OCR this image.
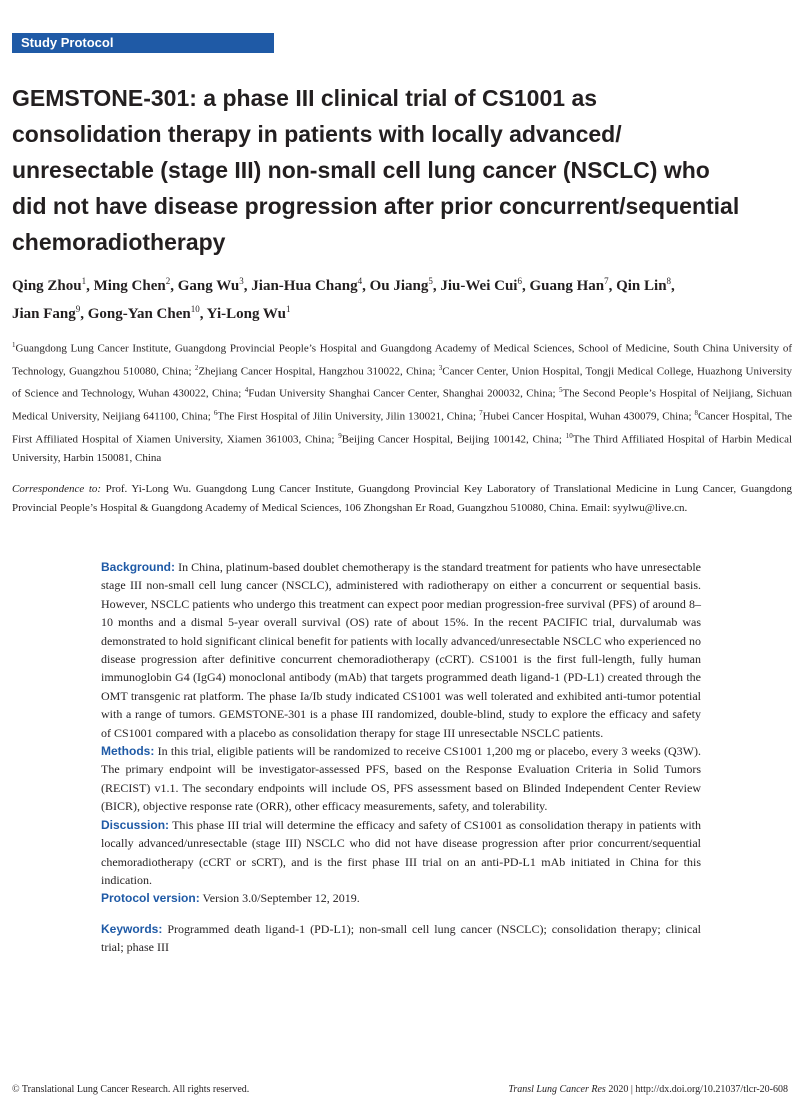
Study Protocol
GEMSTONE-301: a phase III clinical trial of CS1001 as
consolidation therapy in patients with locally advanced/
unresectable (stage III) non-small cell lung cancer (NSCLC) who
did not have disease progression after prior concurrent/sequential
chemoradiotherapy

Qing Zhou$^1$, Ming Chen$^2$, Gang Wu$^3$, Jian-Hua Chang$^4$, Ou Jiang$^5$, Jiu-Wei Cui$^6$, Guang Han$^7$, Qin Lin$^8$,
Jian Fang$^9$, Gong-Yan Chen$^{10}$, Yi-Long Wu$^1$

$^1$Guangdong Lung Cancer Institute, Guangdong Provincial People’s Hospital and Guangdong Academy of Medical Sciences, School of Medicine, South China University of Technology, Guangzhou 510080, China; $^2$Zhejiang Cancer Hospital, Hangzhou 310022, China; $^3$Cancer Center, Union Hospital, Tongji Medical College, Huazhong University of Science and Technology, Wuhan 430022, China; $^4$Fudan University Shanghai Cancer Center, Shanghai 200032, China; $^5$The Second People’s Hospital of Neijiang, Sichuan Medical University, Neijiang 641100, China; $^6$The First Hospital of Jilin University, Jilin 130021, China; $^7$Hubei Cancer Hospital, Wuhan 430079, China; $^8$Cancer Hospital, The First Affiliated Hospital of Xiamen University, Xiamen 361003, China; $^9$Beijing Cancer Hospital, Beijing 100142, China; $^{10}$The Third Affiliated Hospital of Harbin Medical University, Harbin 150081, China

Correspondence to: Prof. Yi-Long Wu. Guangdong Lung Cancer Institute, Guangdong Provincial Key Laboratory of Translational Medicine in Lung Cancer, Guangdong Provincial People’s Hospital & Guangdong Academy of Medical Sciences, 106 Zhongshan Er Road, Guangzhou 510080, China. Email: syylwu@live.cn.

Background: In China, platinum-based doublet chemotherapy is the standard treatment for patients who have unresectable stage III non-small cell lung cancer (NSCLC), administered with radiotherapy on either a concurrent or sequential basis. However, NSCLC patients who undergo this treatment can expect poor median progression-free survival (PFS) of around 8–10 months and a dismal 5-year overall survival (OS) rate of about 15%. In the recent PACIFIC trial, durvalumab was demonstrated to hold significant clinical benefit for patients with locally advanced/unresectable NSCLC who experienced no disease progression after definitive concurrent chemoradiotherapy (cCRT). CS1001 is the first full-length, fully human immunoglobin G4 (IgG4) monoclonal antibody (mAb) that targets programmed death ligand-1 (PD-L1) created through the OMT transgenic rat platform. The phase Ia/Ib study indicated CS1001 was well tolerated and exhibited anti-tumor potential with a range of tumors. GEMSTONE-301 is a phase III randomized, double-blind, study to explore the efficacy and safety of CS1001 compared with a placebo as consolidation therapy for stage III unresectable NSCLC patients.

Methods: In this trial, eligible patients will be randomized to receive CS1001 1,200 mg or placebo, every 3 weeks (Q3W). The primary endpoint will be investigator-assessed PFS, based on the Response Evaluation Criteria in Solid Tumors (RECIST) v1.1. The secondary endpoints will include OS, PFS assessment based on Blinded Independent Center Review (BICR), objective response rate (ORR), other efficacy measurements, safety, and tolerability.

Discussion: This phase III trial will determine the efficacy and safety of CS1001 as consolidation therapy in patients with locally advanced/unresectable (stage III) NSCLC who did not have disease progression after prior concurrent/sequential chemoradiotherapy (cCRT or sCRT), and is the first phase III trial on an anti-PD-L1 mAb initiated in China for this indication.

Protocol version: Version 3.0/September 12, 2019.

Keywords: Programmed death ligand-1 (PD-L1); non-small cell lung cancer (NSCLC); consolidation therapy; clinical trial; phase III

© Translational Lung Cancer Research. All rights reserved.	Transl Lung Cancer Res 2020 | http://dx.doi.org/10.21037/tlcr-20-608
